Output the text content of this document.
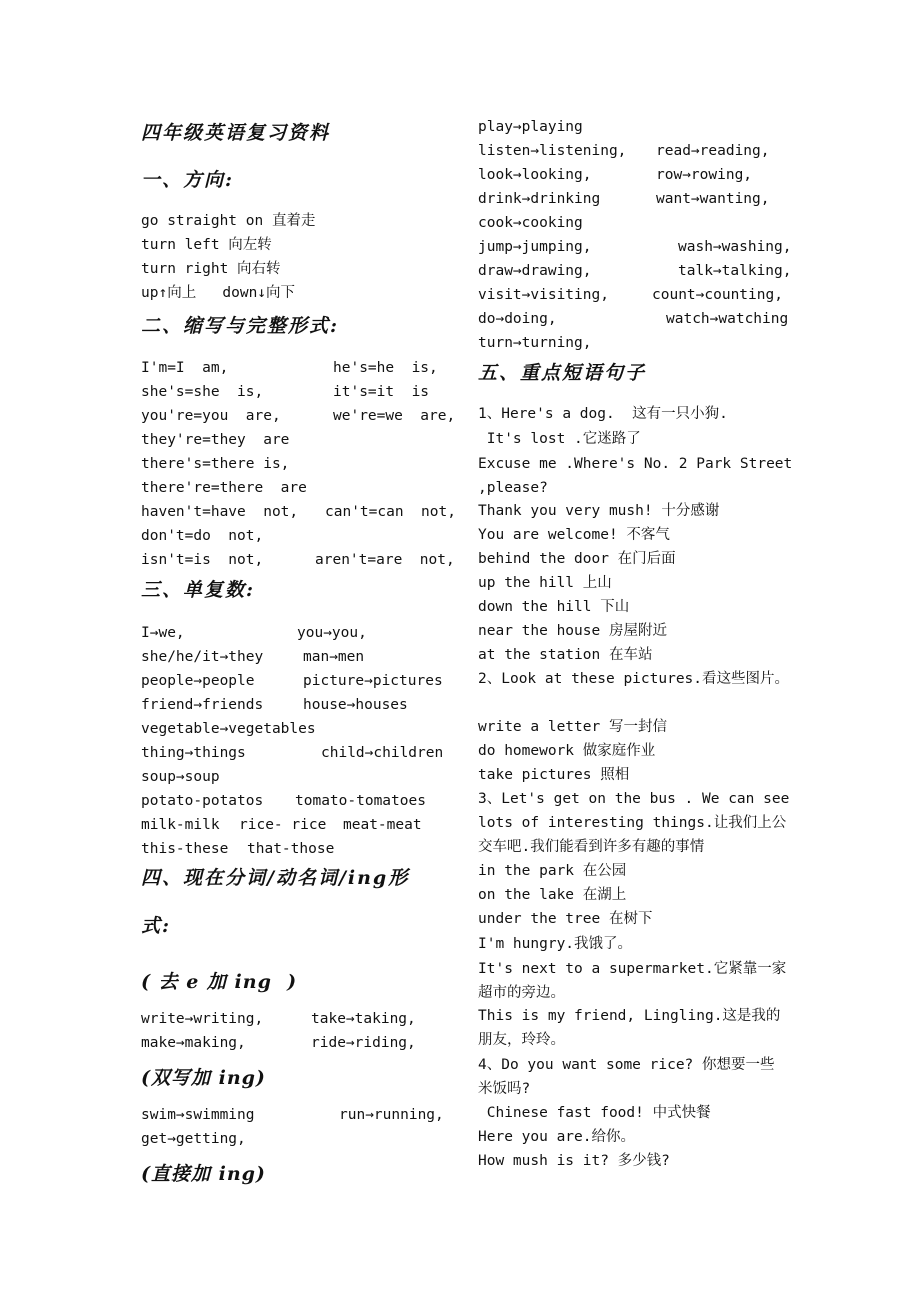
四年级英语复习资料
一、方向:
go straight on 直着走
turn left 向左转
turn right 向右转
up↑向上   down↓向下
二、缩写与完整形式:
I'm=I  am,	he's=he  is,
she's=she  is,	it's=it  is
you're=you  are,	we're=we  are,
they're=they  are
there's=there is,
there're=there  are
haven't=have  not, can't=can  not,
don't=do  not,
isn't=is  not,	aren't=are  not,
三、单复数:
I→we,	you→you,
she/he/it→they	man→men
people→people	picture→pictures
friend→friends	house→houses
vegetable→vegetables
thing→things	child→children
soup→soup
potato-potatos tomato-tomatoes
milk-milk rice- rice meat-meat
this-these that-those
四、现在分词/动名词/ing形
式:
( 去 e 加 ing  )
write→writing,	take→taking,
make→making,	ride→riding,
(双写加 ing)
swim→swimming	run→running,
get→getting,
(直接加 ing)
play→playing
listen→listening, read→reading,
look→looking,	row→rowing,
drink→drinking	want→wanting,
cook→cooking
jump→jumping,	wash→washing,
draw→drawing,	talk→talking,
visit→visiting,	count→counting,
do→doing,	watch→watching
turn→turning,
五、重点短语句子
1、Here's a dog.  这有一只小狗.
It's lost .它迷路了
Excuse me .Where's No. 2 Park Street
,please?
Thank you very mush! 十分感谢
You are welcome! 不客气
behind the door 在门后面
up the hill 上山
down the hill 下山
near the house 房屋附近
at the station 在车站
2、Look at these pictures.看这些图片。
write a letter 写一封信
do homework 做家庭作业
take pictures 照相
3、Let's get on the bus . We can see
lots of interesting things.让我们上公
交车吧.我们能看到许多有趣的事情
in the park 在公园
on the lake 在湖上
under the tree 在树下
I'm hungry.我饿了。
It's next to a supermarket.它紧靠一家
超市的旁边。
This is my friend, Lingling.这是我的
朋友，玲玲。
4、Do you want some rice? 你想要一些
米饭吗?
Chinese fast food! 中式快餐
Here you are.给你。
How mush is it? 多少钱?
